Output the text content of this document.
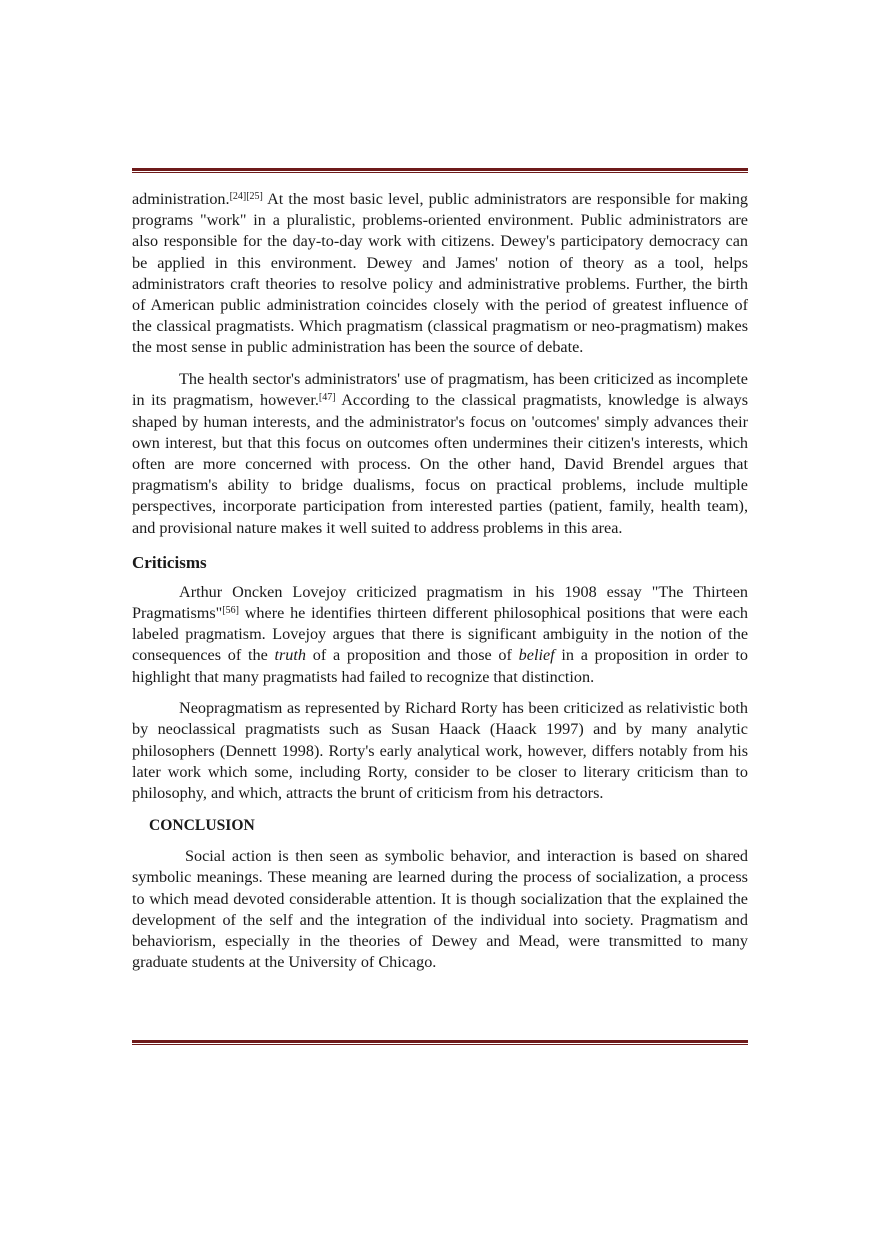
administration.[24][25] At the most basic level, public administrators are responsible for making programs "work" in a pluralistic, problems-oriented environment. Public administrators are also responsible for the day-to-day work with citizens. Dewey's participatory democracy can be applied in this environment. Dewey and James' notion of theory as a tool, helps administrators craft theories to resolve policy and administrative problems. Further, the birth of American public administration coincides closely with the period of greatest influence of the classical pragmatists. Which pragmatism (classical pragmatism or neo-pragmatism) makes the most sense in public administration has been the source of debate.

The health sector's administrators' use of pragmatism, has been criticized as incomplete in its pragmatism, however.[47] According to the classical pragmatists, knowledge is always shaped by human interests, and the administrator's focus on 'outcomes' simply advances their own interest, but that this focus on outcomes often undermines their citizen's interests, which often are more concerned with process. On the other hand, David Brendel argues that pragmatism's ability to bridge dualisms, focus on practical problems, include multiple perspectives, incorporate participation from interested parties (patient, family, health team), and provisional nature makes it well suited to address problems in this area.

Criticisms

Arthur Oncken Lovejoy criticized pragmatism in his 1908 essay "The Thirteen Pragmatisms"[56] where he identifies thirteen different philosophical positions that were each labeled pragmatism. Lovejoy argues that there is significant ambiguity in the notion of the consequences of the truth of a proposition and those of belief in a proposition in order to highlight that many pragmatists had failed to recognize that distinction.

Neopragmatism as represented by Richard Rorty has been criticized as relativistic both by neoclassical pragmatists such as Susan Haack (Haack 1997) and by many analytic philosophers (Dennett 1998). Rorty's early analytical work, however, differs notably from his later work which some, including Rorty, consider to be closer to literary criticism than to philosophy, and which, attracts the brunt of criticism from his detractors.

CONCLUSION

Social action is then seen as symbolic behavior, and interaction is based on shared symbolic meanings. These meaning are learned during the process of socialization, a process to which mead devoted considerable attention. It is though socialization that the explained the development of the self and the integration of the individual into society. Pragmatism and behaviorism, especially in the theories of Dewey and Mead, were transmitted to many graduate students at the University of Chicago.
